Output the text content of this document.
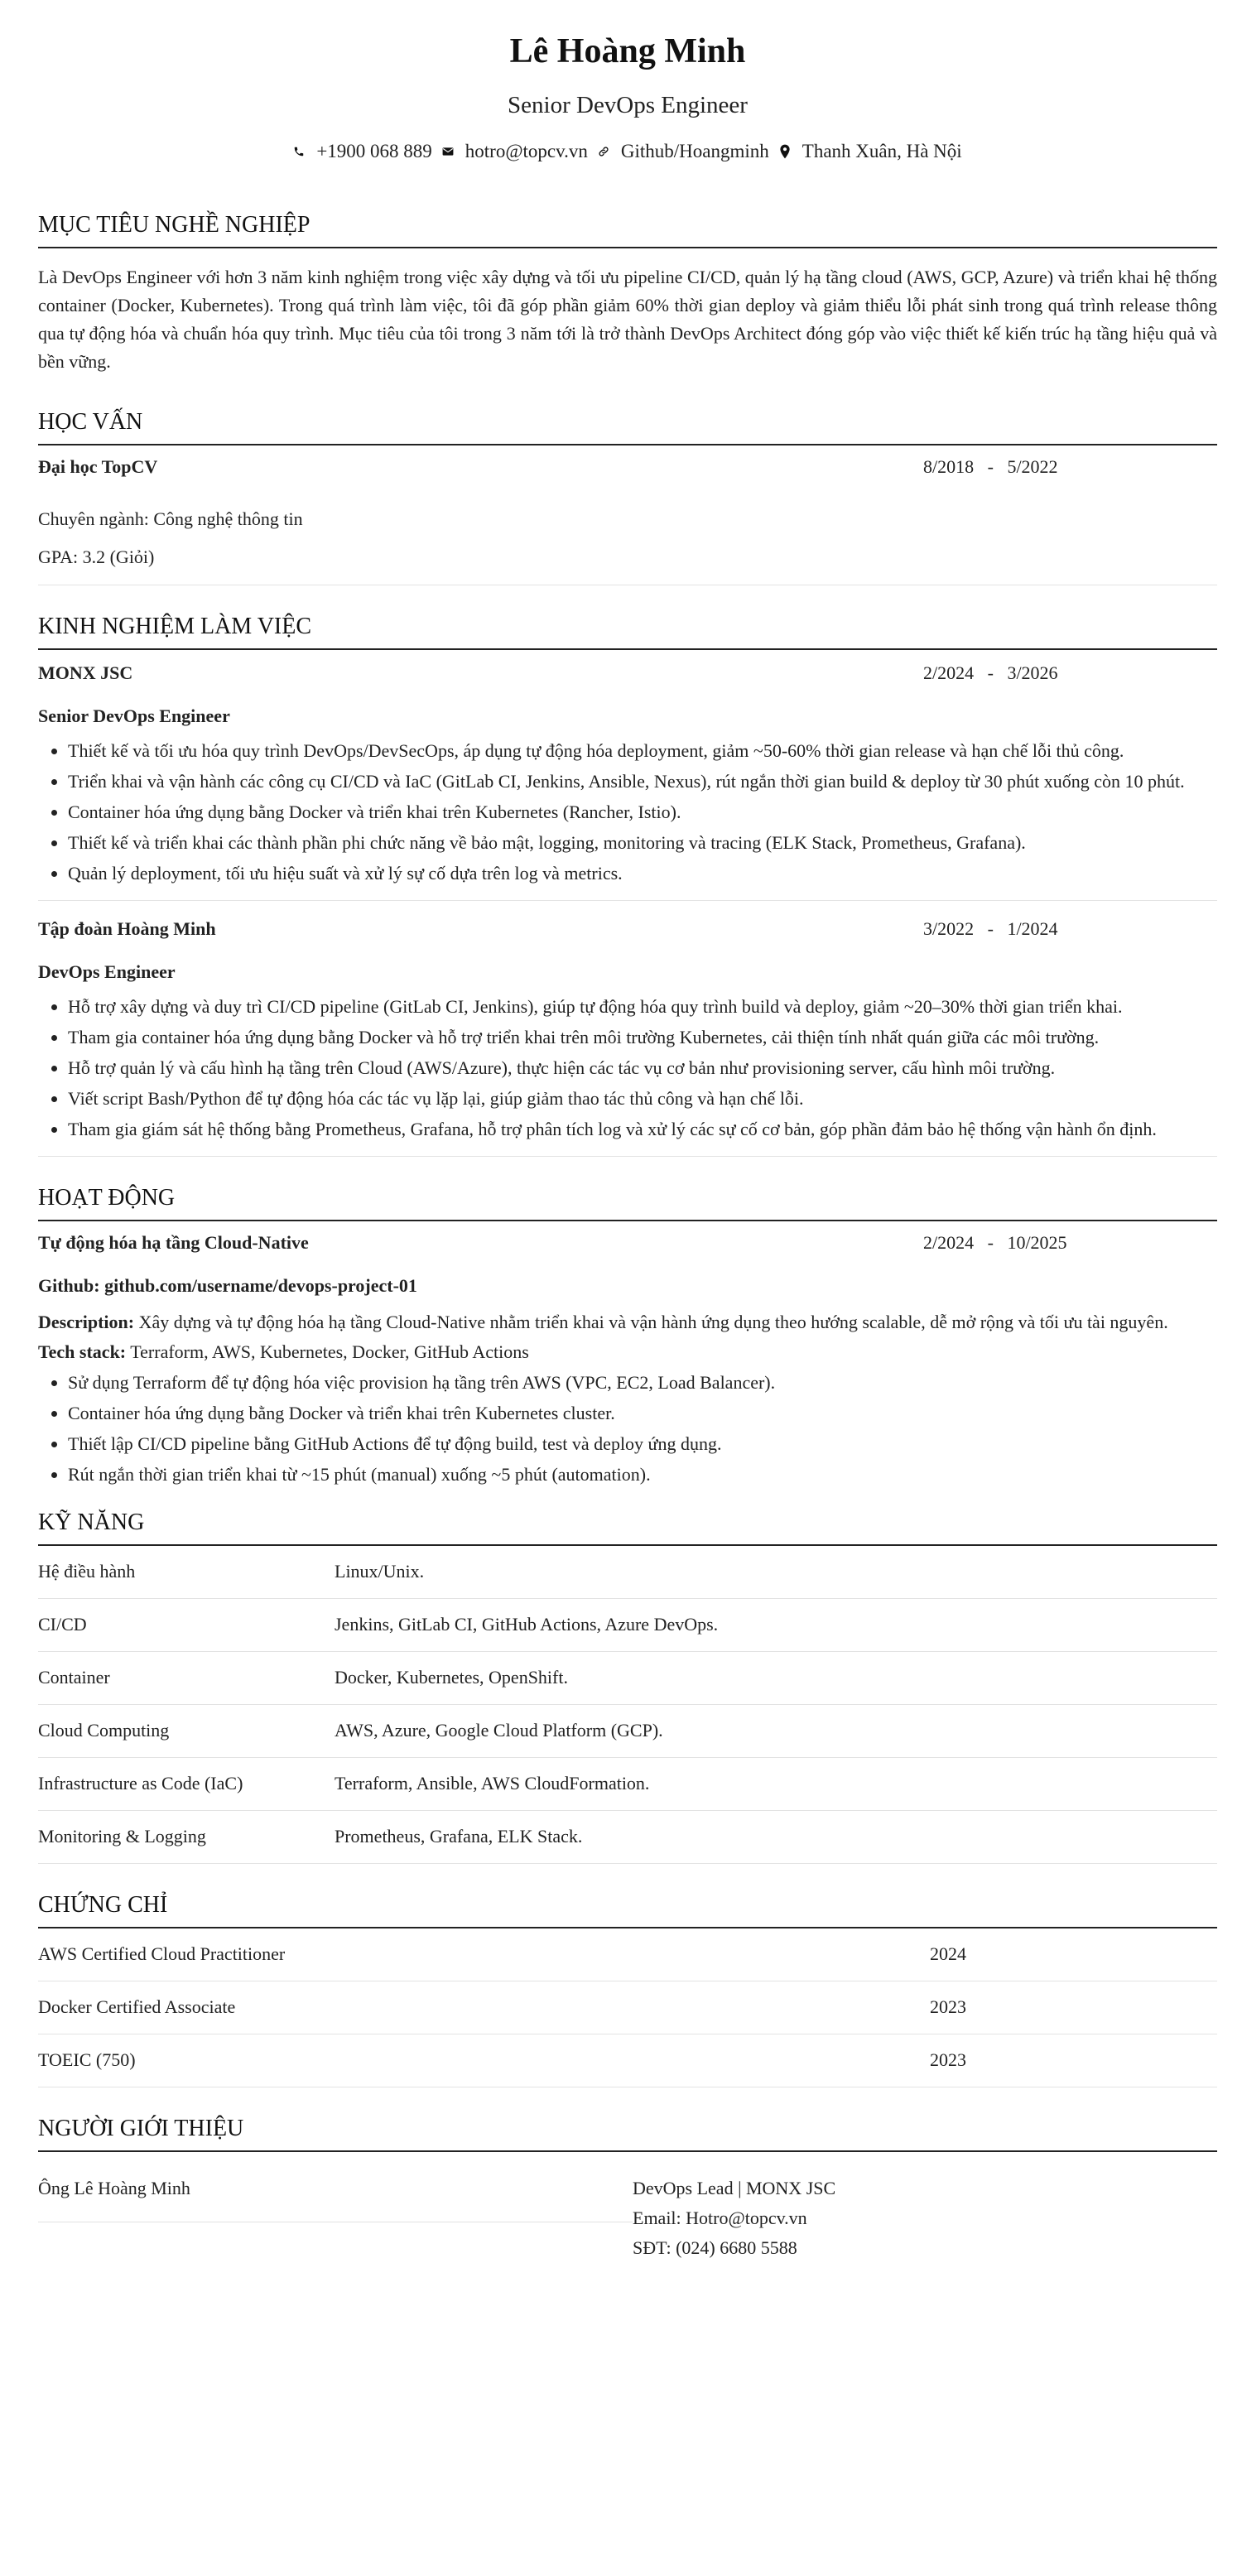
Lê Hoàng Minh
Senior DevOps Engineer
+1900 068 889 hotro@topcv.vn Github/Hoangminh Thanh Xuân, Hà Nội
MỤC TIÊU NGHỀ NGHIỆP
Là DevOps Engineer với hơn 3 năm kinh nghiệm trong việc xây dựng và tối ưu pipeline CI/CD, quản lý hạ tầng cloud (AWS, GCP, Azure) và triển khai hệ thống container (Docker, Kubernetes). Trong quá trình làm việc, tôi đã góp phần giảm 60% thời gian deploy và giảm thiểu lỗi phát sinh trong quá trình release thông qua tự động hóa và chuẩn hóa quy trình. Mục tiêu của tôi trong 3 năm tới là trở thành DevOps Architect đóng góp vào việc thiết kế kiến trúc hạ tầng hiệu quả và bền vững.
HỌC VẤN
Đại học TopCV	8/2018   -   5/2022
Chuyên ngành: Công nghệ thông tin
GPA: 3.2 (Giỏi)
KINH NGHIỆM LÀM VIỆC
MONX JSC	2/2024   -   3/2026
Senior DevOps Engineer
• Thiết kế và tối ưu hóa quy trình DevOps/DevSecOps, áp dụng tự động hóa deployment, giảm ~50-60% thời gian release và hạn chế lỗi thủ công.
• Triển khai và vận hành các công cụ CI/CD và IaC (GitLab CI, Jenkins, Ansible, Nexus), rút ngắn thời gian build & deploy từ 30 phút xuống còn 10 phút.
• Container hóa ứng dụng bằng Docker và triển khai trên Kubernetes (Rancher, Istio).
• Thiết kế và triển khai các thành phần phi chức năng về bảo mật, logging, monitoring và tracing (ELK Stack, Prometheus, Grafana).
• Quản lý deployment, tối ưu hiệu suất và xử lý sự cố dựa trên log và metrics.
Tập đoàn Hoàng Minh	3/2022   -   1/2024
DevOps Engineer
• Hỗ trợ xây dựng và duy trì CI/CD pipeline (GitLab CI, Jenkins), giúp tự động hóa quy trình build và deploy, giảm ~20–30% thời gian triển khai.
• Tham gia container hóa ứng dụng bằng Docker và hỗ trợ triển khai trên môi trường Kubernetes, cải thiện tính nhất quán giữa các môi trường.
• Hỗ trợ quản lý và cấu hình hạ tầng trên Cloud (AWS/Azure), thực hiện các tác vụ cơ bản như provisioning server, cấu hình môi trường.
• Viết script Bash/Python để tự động hóa các tác vụ lặp lại, giúp giảm thao tác thủ công và hạn chế lỗi.
• Tham gia giám sát hệ thống bằng Prometheus, Grafana, hỗ trợ phân tích log và xử lý các sự cố cơ bản, góp phần đảm bảo hệ thống vận hành ổn định.
HOẠT ĐỘNG
Tự động hóa hạ tầng Cloud-Native	2/2024   -   10/2025
Github: github.com/username/devops-project-01
Description: Xây dựng và tự động hóa hạ tầng Cloud-Native nhằm triển khai và vận hành ứng dụng theo hướng scalable, dễ mở rộng và tối ưu tài nguyên.
Tech stack: Terraform, AWS, Kubernetes, Docker, GitHub Actions
• Sử dụng Terraform để tự động hóa việc provision hạ tầng trên AWS (VPC, EC2, Load Balancer).
• Container hóa ứng dụng bằng Docker và triển khai trên Kubernetes cluster.
• Thiết lập CI/CD pipeline bằng GitHub Actions để tự động build, test và deploy ứng dụng.
• Rút ngắn thời gian triển khai từ ~15 phút (manual) xuống ~5 phút (automation).
KỸ NĂNG
Hệ điều hành	Linux/Unix.
CI/CD	Jenkins, GitLab CI, GitHub Actions, Azure DevOps.
Container	Docker, Kubernetes, OpenShift.
Cloud Computing	AWS, Azure, Google Cloud Platform (GCP).
Infrastructure as Code (IaC)	Terraform, Ansible, AWS CloudFormation.
Monitoring & Logging	Prometheus, Grafana, ELK Stack.
CHỨNG CHỈ
AWS Certified Cloud Practitioner	2024
Docker Certified Associate	2023
TOEIC (750)	2023
NGƯỜI GIỚI THIỆU
Ông Lê Hoàng Minh	DevOps Lead | MONX JSC
Email: Hotro@topcv.vn
SĐT: (024) 6680 5588
